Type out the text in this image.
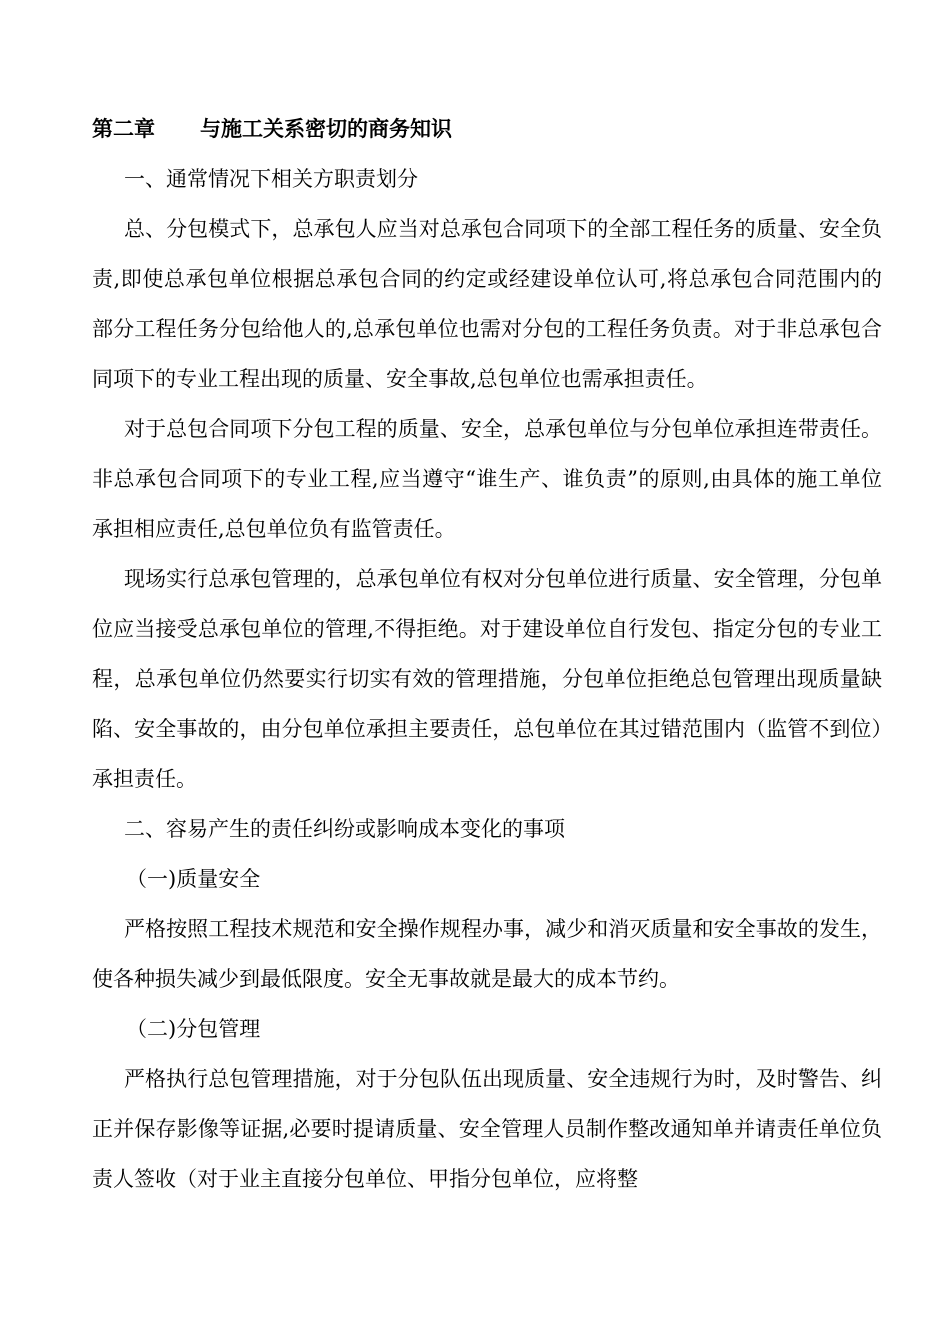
第二章 与施工关系密切的商务知识

一、通常情况下相关方职责划分

总、分包模式下，总承包人应当对总承包合同项下的全部工程任务的质量、安全负责,即使总承包单位根据总承包合同的约定或经建设单位认可,将总承包合同范围内的部分工程任务分包给他人的,总承包单位也需对分包的工程任务负责。对于非总承包合同项下的专业工程出现的质量、安全事故,总包单位也需承担责任。

对于总包合同项下分包工程的质量、安全，总承包单位与分包单位承担连带责任。非总承包合同项下的专业工程,应当遵守“谁生产、谁负责”的原则,由具体的施工单位承担相应责任,总包单位负有监管责任。

现场实行总承包管理的，总承包单位有权对分包单位进行质量、安全管理，分包单位应当接受总承包单位的管理,不得拒绝。对于建设单位自行发包、指定分包的专业工程，总承包单位仍然要实行切实有效的管理措施，分包单位拒绝总包管理出现质量缺陷、安全事故的，由分包单位承担主要责任，总包单位在其过错范围内（监管不到位）承担责任。

二、容易产生的责任纠纷或影响成本变化的事项

（一)质量安全

严格按照工程技术规范和安全操作规程办事，减少和消灭质量和安全事故的发生，使各种损失减少到最低限度。安全无事故就是最大的成本节约。

（二)分包管理

严格执行总包管理措施，对于分包队伍出现质量、安全违规行为时，及时警告、纠正并保存影像等证据,必要时提请质量、安全管理人员制作整改通知单并请责任单位负责人签收（对于业主直接分包单位、甲指分包单位，应将整
